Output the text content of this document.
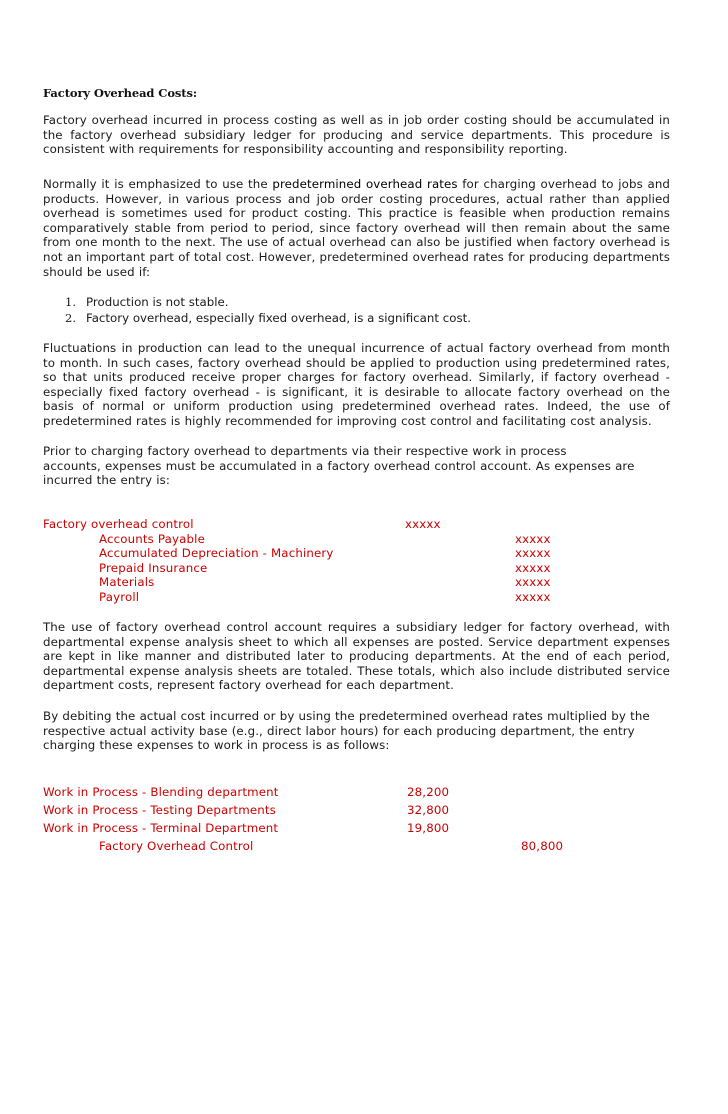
Factory Overhead Costs:
Factory overhead incurred in process costing as well as in job order costing should be accumulated in the factory overhead subsidiary ledger for producing and service departments. This procedure is consistent with requirements for responsibility accounting and responsibility reporting.
Normally it is emphasized to use the predetermined overhead rates for charging overhead to jobs and products. However, in various process and job order costing procedures, actual rather than applied overhead is sometimes used for product costing. This practice is feasible when production remains comparatively stable from period to period, since factory overhead will then remain about the same from one month to the next. The use of actual overhead can also be justified when factory overhead is not an important part of total cost. However, predetermined overhead rates for producing departments should be used if:
1. Production is not stable.
2. Factory overhead, especially fixed overhead, is a significant cost.
Fluctuations in production can lead to the unequal incurrence of actual factory overhead from month to month. In such cases, factory overhead should be applied to production using predetermined rates, so that units produced receive proper charges for factory overhead. Similarly, if factory overhead - especially fixed factory overhead - is significant, it is desirable to allocate factory overhead on the basis of normal or uniform production using predetermined overhead rates. Indeed, the use of predetermined rates is highly recommended for improving cost control and facilitating cost analysis.
Prior to charging factory overhead to departments via their respective work in process
accounts, expenses must be accumulated in a factory overhead control account. As expenses are
incurred the entry is:
Factory overhead control	xxxxx
Accounts Payable	xxxxx
Accumulated Depreciation - Machinery	xxxxx
Prepaid Insurance	xxxxx
Materials	xxxxx
Payroll	xxxxx
The use of factory overhead control account requires a subsidiary ledger for factory overhead, with departmental expense analysis sheet to which all expenses are posted. Service department expenses are kept in like manner and distributed later to producing departments. At the end of each period, departmental expense analysis sheets are totaled. These totals, which also include distributed service department costs, represent factory overhead for each department.
By debiting the actual cost incurred or by using the predetermined overhead rates multiplied by the
respective actual activity base (e.g., direct labor hours) for each producing department, the entry
charging these expenses to work in process is as follows:
Work in Process - Blending department	28,200
Work in Process - Testing Departments	32,800
Work in Process - Terminal Department	19,800
Factory Overhead Control	80,800
